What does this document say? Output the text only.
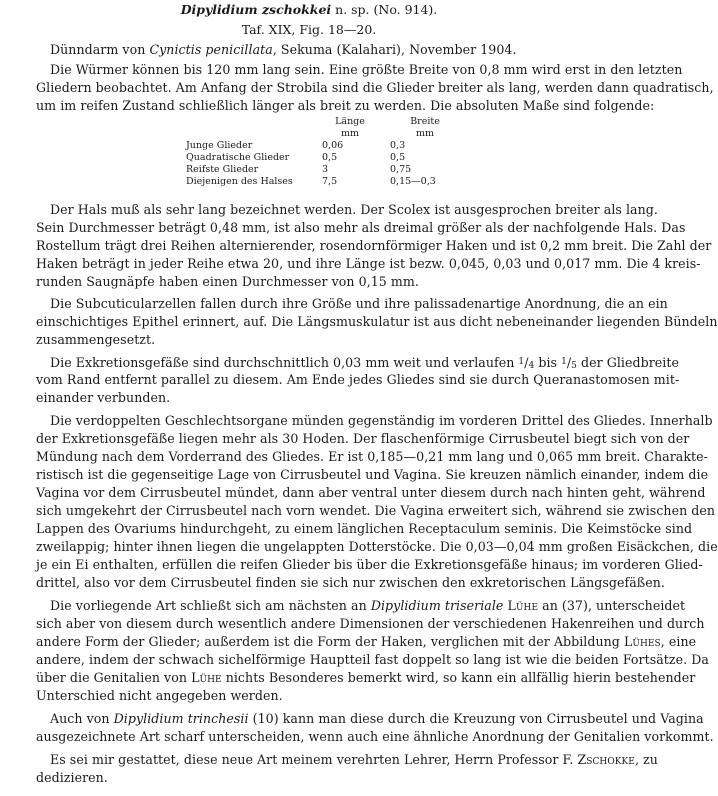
Dipylidium zschokkei n. sp. (No. 914).
Taf. XIX, Fig. 18—20.
Dünndarm von Cynictis penicillata, Sekuma (Kalahari), November 1904.
Die Würmer können bis 120 mm lang sein. Eine größte Breite von 0,8 mm wird erst in den letzten
Gliedern beobachtet. Am Anfang der Strobila sind die Glieder breiter als lang, werden dann quadratisch,
um im reifen Zustand schließlich länger als breit zu werden. Die absoluten Maße sind folgende:
	Länge	Breite
	mm	mm
Junge Glieder	0,06	0,3
Quadratische Glieder	0,5	0,5
Reifste Glieder	3	0,75
Diejenigen des Halses	7,5	0,15—0,3
Der Hals muß als sehr lang bezeichnet werden. Der Scolex ist ausgesprochen breiter als lang.
Sein Durchmesser beträgt 0,48 mm, ist also mehr als dreimal größer als der nachfolgende Hals. Das
Rostellum trägt drei Reihen alternierender, rosendornförmiger Haken und ist 0,2 mm breit. Die Zahl der
Haken beträgt in jeder Reihe etwa 20, und ihre Länge ist bezw. 0,045, 0,03 und 0,017 mm. Die 4 kreis-
runden Saugnäpfe haben einen Durchmesser von 0,15 mm.
Die Subcuticularzellen fallen durch ihre Größe und ihre palissadenartige Anordnung, die an ein
einschichtiges Epithel erinnert, auf. Die Längsmuskulatur ist aus dicht nebeneinander liegenden Bündeln
zusammengesetzt.
Die Exkretionsgefäße sind durchschnittlich 0,03 mm weit und verlaufen $^1$/4 bis $^1$/5 der Gliedbreite
vom Rand entfernt parallel zu diesem. Am Ende jedes Gliedes sind sie durch Queranastomosen mit-
einander verbunden.
Die verdoppelten Geschlechtsorgane münden gegenständig im vorderen Drittel des Gliedes. Innerhalb
der Exkretionsgefäße liegen mehr als 30 Hoden. Der flaschenförmige Cirrusbeutel biegt sich von der
Mündung nach dem Vorderrand des Gliedes. Er ist 0,185—0,21 mm lang und 0,065 mm breit. Charakte-
ristisch ist die gegenseitige Lage von Cirrusbeutel und Vagina. Sie kreuzen nämlich einander, indem die
Vagina vor dem Cirrusbeutel mündet, dann aber ventral unter diesem durch nach hinten geht, während
sich umgekehrt der Cirrusbeutel nach vorn wendet. Die Vagina erweitert sich, während sie zwischen den
Lappen des Ovariums hindurchgeht, zu einem länglichen Receptaculum seminis. Die Keimstöcke sind
zweilappig; hinter ihnen liegen die ungelappten Dotterstöcke. Die 0,03—0,04 mm großen Eisäckchen, die
je ein Ei enthalten, erfüllen die reifen Glieder bis über die Exkretionsgefäße hinaus; im vorderen Glied-
drittel, also vor dem Cirrusbeutel finden sie sich nur zwischen den exkretorischen Längsgefäßen.
Die vorliegende Art schließt sich am nächsten an Dipylidium triseriale Lühe an (37), unterscheidet
sich aber von diesem durch wesentlich andere Dimensionen der verschiedenen Hakenreihen und durch
andere Form der Glieder; außerdem ist die Form der Haken, verglichen mit der Abbildung Lühes, eine
andere, indem der schwach sichelförmige Hauptteil fast doppelt so lang ist wie die beiden Fortsätze. Da
über die Genitalien von Lühe nichts Besonderes bemerkt wird, so kann ein allfällig hierin bestehender
Unterschied nicht angegeben werden.
Auch von Dipylidium trinchesii (10) kann man diese durch die Kreuzung von Cirrusbeutel und Vagina
ausgezeichnete Art scharf unterscheiden, wenn auch eine ähnliche Anordnung der Genitalien vorkommt.
Es sei mir gestattet, diese neue Art meinem verehrten Lehrer, Herrn Professor F. Zschokke, zu
dedizieren.
